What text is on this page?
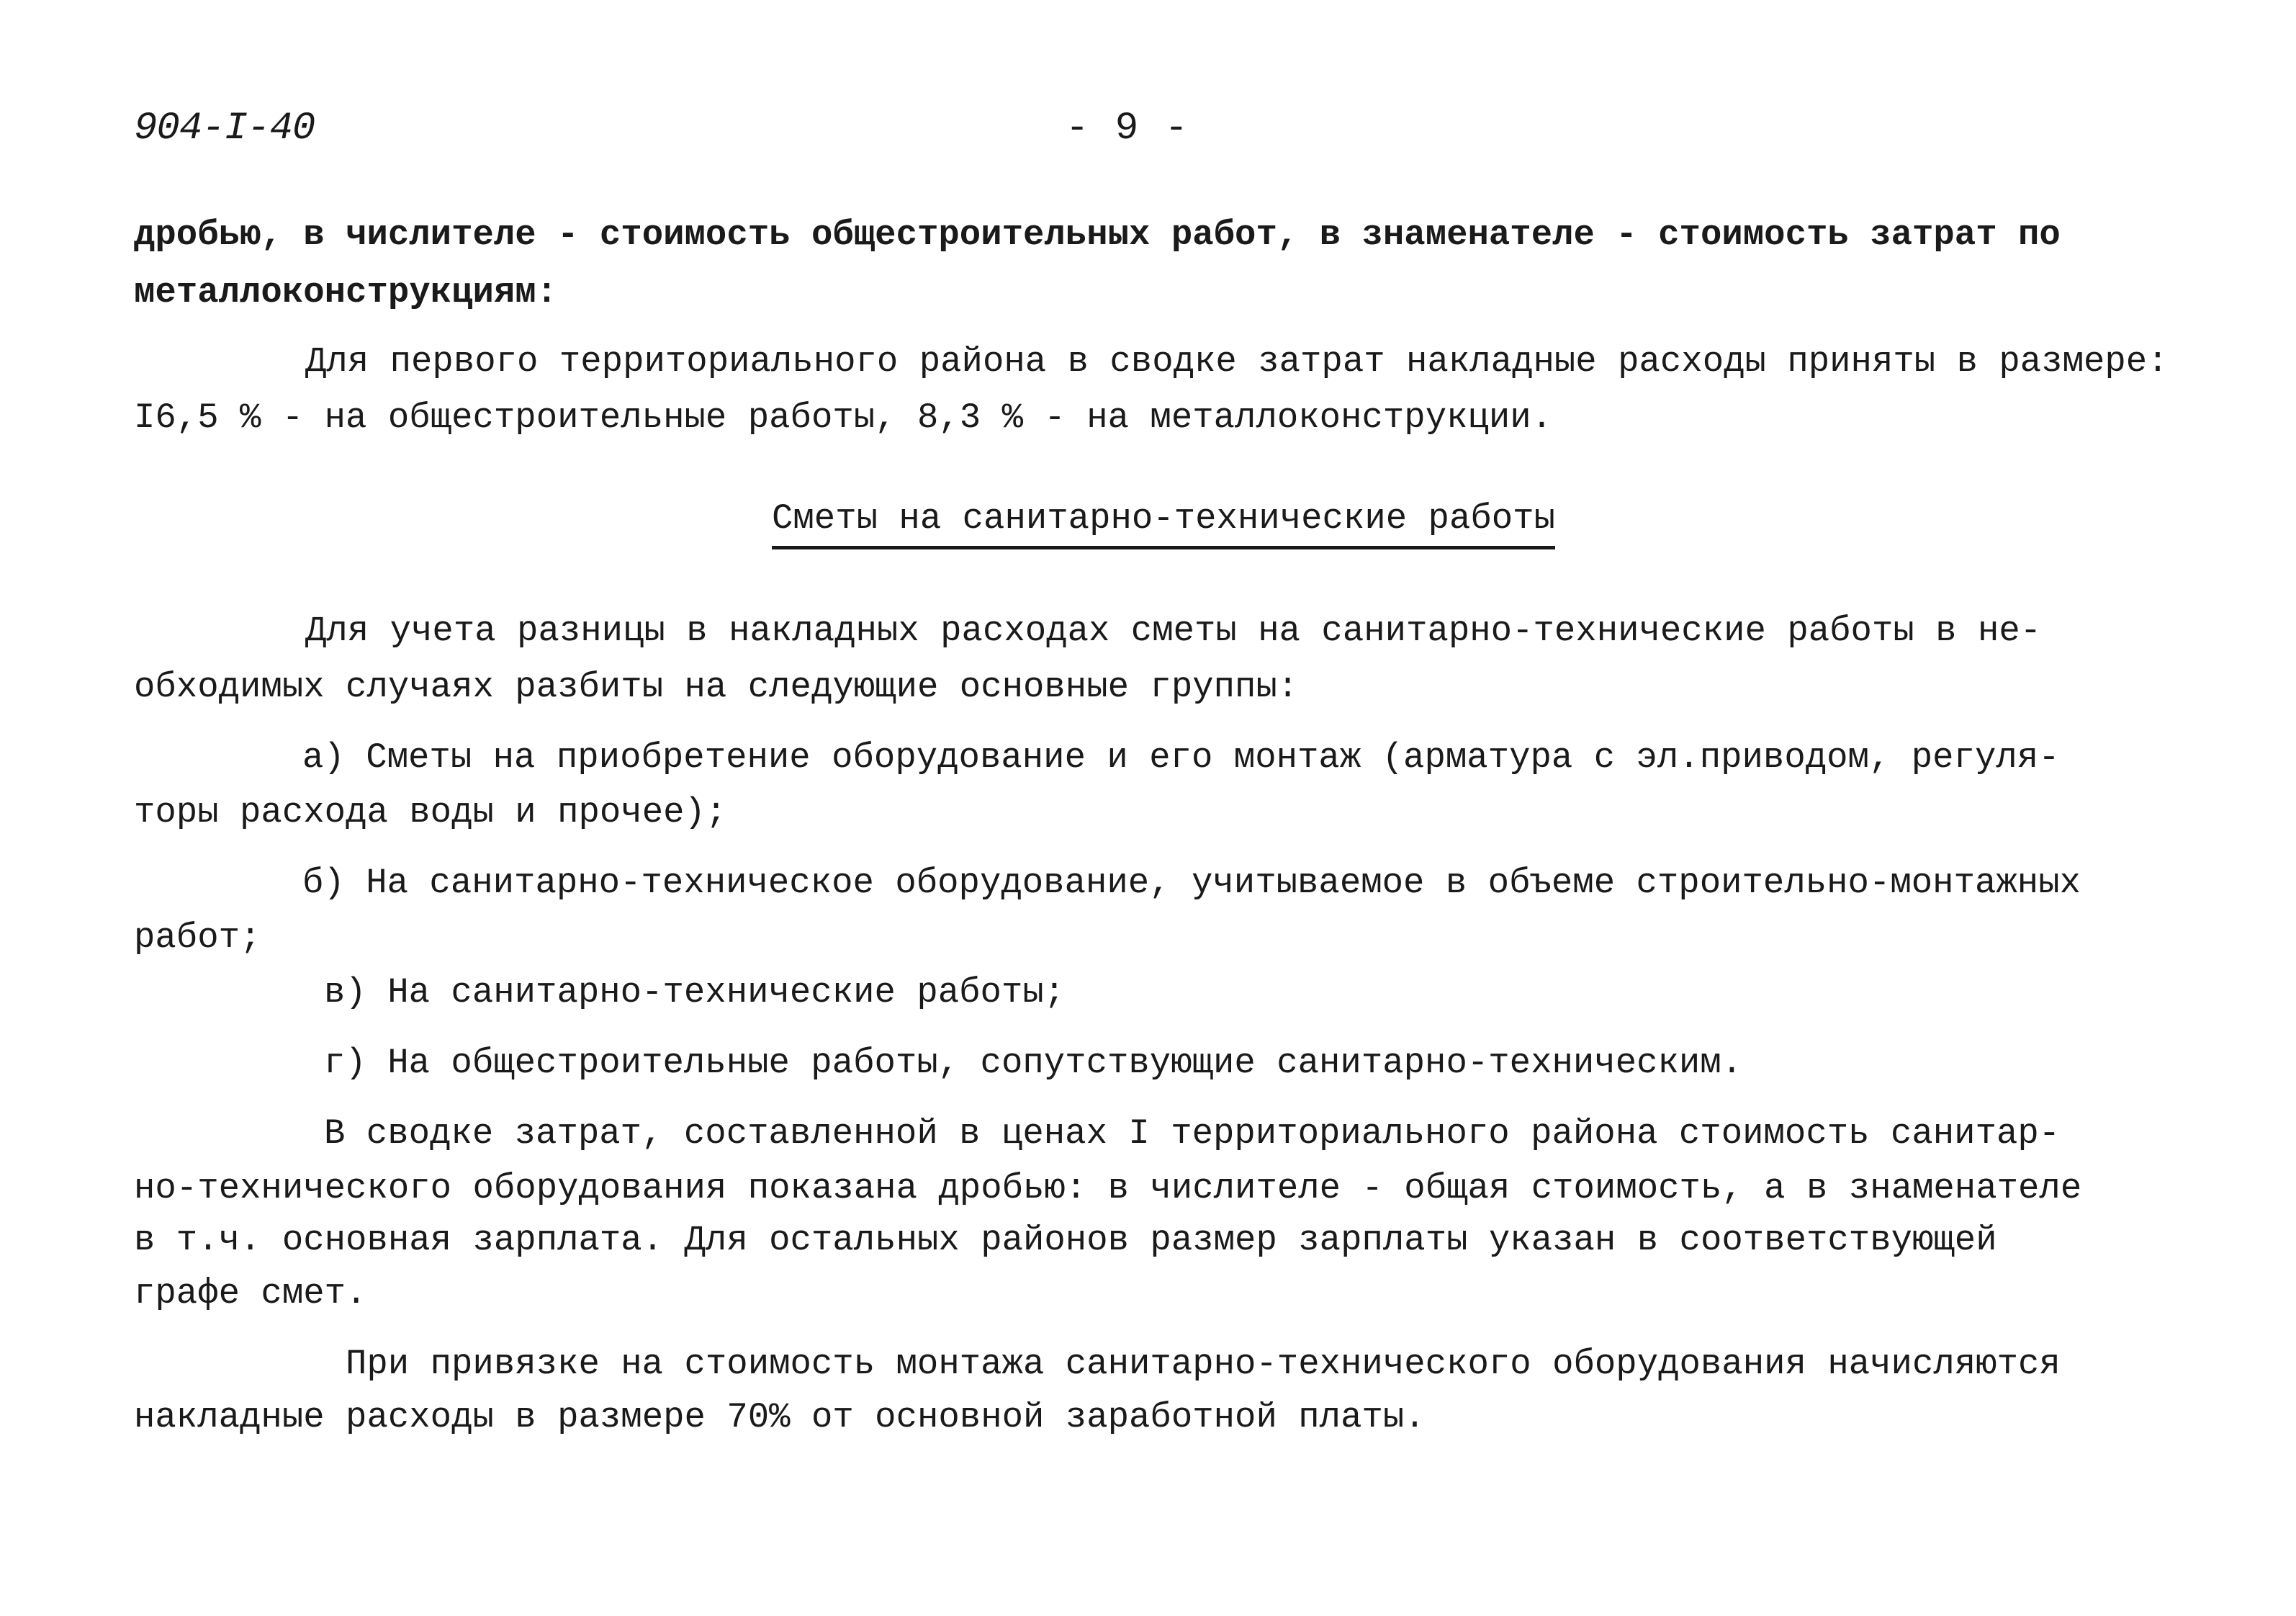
904-I-40	- 9 -
дробью, в числителе - стоимость общестроительных работ, в знаменателе - стоимость затрат по
металлоконструкциям:
Для первого территориального района в сводке затрат накладные расходы приняты в размере:
I6,5 % - на общестроительные работы, 8,3 % - на металлоконструкции.
Сметы на санитарно-технические работы
Для учета разницы в накладных расходах сметы на санитарно-технические работы в не-
обходимых случаях разбиты на следующие основные группы:
а) Сметы на приобретение оборудование и его монтаж (арматура с эл.приводом, регуля-
торы расхода воды и прочее);
б) На санитарно-техническое оборудование, учитываемое в объеме строительно-монтажных
работ;
в) На санитарно-технические работы;
г) На общестроительные работы, сопутствующие санитарно-техническим.
В сводке затрат, составленной в ценах I территориального района стоимость санитар-
но-технического оборудования показана дробью: в числителе - общая стоимость, а в знаменателе
в т.ч. основная зарплата. Для остальных районов размер зарплаты указан в соответствующей
графе смет.
При привязке на стоимость монтажа санитарно-технического оборудования начисляются
накладные расходы в размере 70% от основной заработной платы.
